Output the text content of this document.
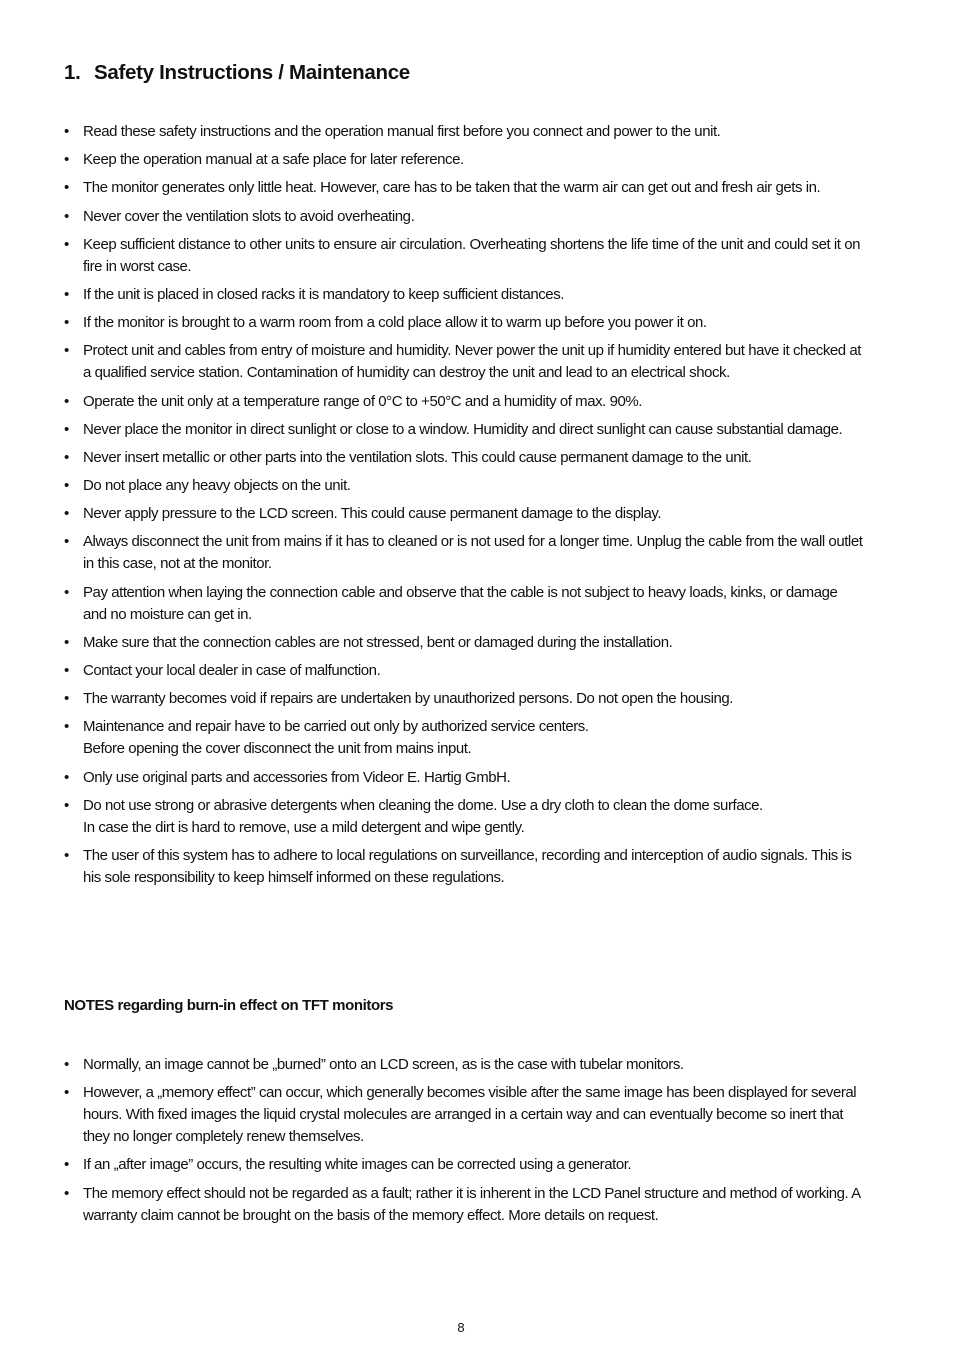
1. Safety Instructions / Maintenance
• Read these safety instructions and the operation manual first before you connect and power to the unit.
• Keep the operation manual at a safe place for later reference.
• The monitor generates only little heat. However, care has to be taken that the warm air can get out and fresh air gets in.
• Never cover the ventilation slots to avoid overheating.
• Keep sufficient distance to other units to ensure air circulation. Overheating shortens the life time of the unit and could set it on fire in worst case.
• If the unit is placed in closed racks it is mandatory to keep sufficient distances.
• If the monitor is brought to a warm room from a cold place allow it to warm up before you power it on.
• Protect unit and cables from entry of moisture and humidity. Never power the unit up if humidity entered but have it checked at a qualified service station. Contamination of humidity can destroy the unit and lead to an electrical shock.
• Operate the unit only at a temperature range of 0°C to +50°C and a humidity of max. 90%.
• Never place the monitor in direct sunlight or close to a window. Humidity and direct sunlight can cause substantial damage.
• Never insert metallic or other parts into the ventilation slots. This could cause permanent damage to the unit.
• Do not place any heavy objects on the unit.
• Never apply pressure to the LCD screen. This could cause permanent damage to the display.
• Always disconnect the unit from mains if it has to cleaned or is not used for a longer time. Unplug the cable from the wall outlet in this case, not at the monitor.
• Pay attention when laying the connection cable and observe that the cable is not subject to heavy loads, kinks, or damage and no moisture can get in.
• Make sure that the connection cables are not stressed, bent or damaged during the installation.
• Contact your local dealer in case of malfunction.
• The warranty becomes void if repairs are undertaken by unauthorized persons. Do not open the housing.
• Maintenance and repair have to be carried out only by authorized service centers.
Before opening the cover disconnect the unit from mains input.
• Only use original parts and accessories from Videor E. Hartig GmbH.
• Do not use strong or abrasive detergents when cleaning the dome. Use a dry cloth to clean the dome surface.
In case the dirt is hard to remove, use a mild detergent and wipe gently.
• The user of this system has to adhere to local regulations on surveillance, recording and interception of audio signals. This is his sole responsibility to keep himself informed on these regulations.
NOTES regarding burn-in effect on TFT monitors
• Normally, an image cannot be „burned” onto an LCD screen, as is the case with tubelar monitors.
• However, a „memory effect” can occur, which generally becomes visible after the same image has been displayed for several hours. With fixed images the liquid crystal molecules are arranged in a certain way and can eventually become so inert that they no longer completely renew themselves.
• If an „after image” occurs, the resulting white images can be corrected using a generator.
• The memory effect should not be regarded as a fault; rather it is inherent in the LCD Panel structure and method of working. A warranty claim cannot be brought on the basis of the memory effect. More details on request.
8
